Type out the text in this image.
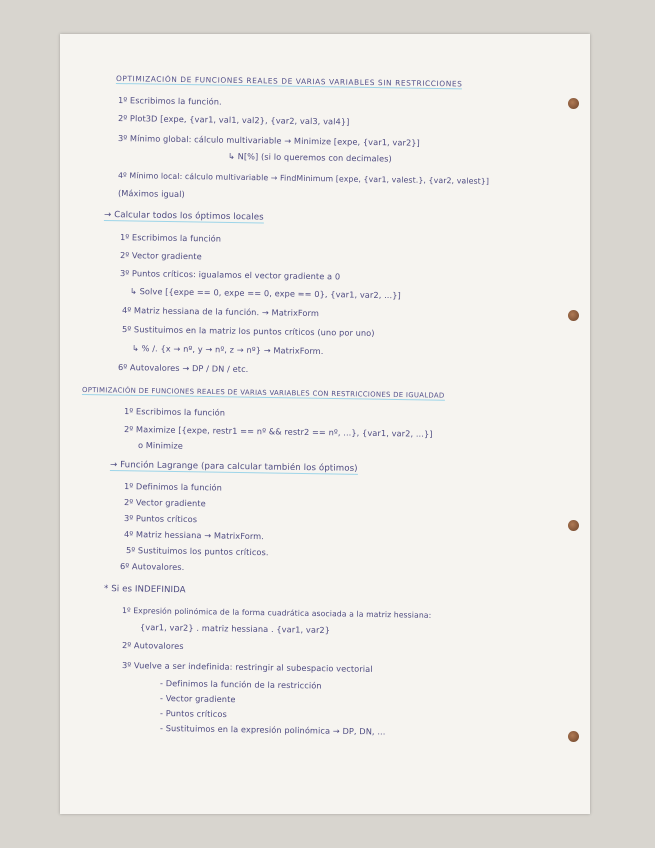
OPTIMIZACIÓN DE FUNCIONES REALES DE VARIAS VARIABLES SIN RESTRICCIONES
1º Escribimos la función.
2º Plot3D [expe, {var1, val1, val2}, {var2, val3, val4}]
3º Mínimo global: cálculo multivariable → Minimize [expe, {var1, var2}]
↳ N[%] (si lo queremos con decimales)
4º Mínimo local: cálculo multivariable → FindMinimum [expe, {var1, valest.}, {var2, valest}]
(Máximos igual)
→ Calcular todos los óptimos locales
1º Escribimos la función
2º Vector gradiente
3º Puntos críticos: igualamos el vector gradiente a 0
↳ Solve [{expe == 0, expe == 0, expe == 0}, {var1, var2, ...}]
4º Matriz hessiana de la función. → MatrixForm
5º Sustituimos en la matriz los puntos críticos (uno por uno)
↳ % /. {x → nº, y → nº, z → nº} → MatrixForm.
6º Autovalores → DP / DN / etc.
OPTIMIZACIÓN DE FUNCIONES REALES DE VARIAS VARIABLES CON RESTRICCIONES DE IGUALDAD
1º Escribimos la función
2º Maximize [{expe, restr1 == nº && restr2 == nº, ...}, {var1, var2, ...}]
o Minimize
→ Función Lagrange (para calcular también los óptimos)
1º Definimos la función
2º Vector gradiente
3º Puntos críticos
4º Matriz hessiana → MatrixForm.
5º Sustituimos los puntos críticos.
6º Autovalores.
* Si es INDEFINIDA
1º Expresión polinómica de la forma cuadrática asociada a la matriz hessiana:
{var1, var2} . matriz hessiana . {var1, var2}
2º Autovalores
3º Vuelve a ser indefinida: restringir al subespacio vectorial
- Definimos la función de la restricción
- Vector gradiente
- Puntos críticos
- Sustituimos en la expresión polinómica → DP, DN, ...
